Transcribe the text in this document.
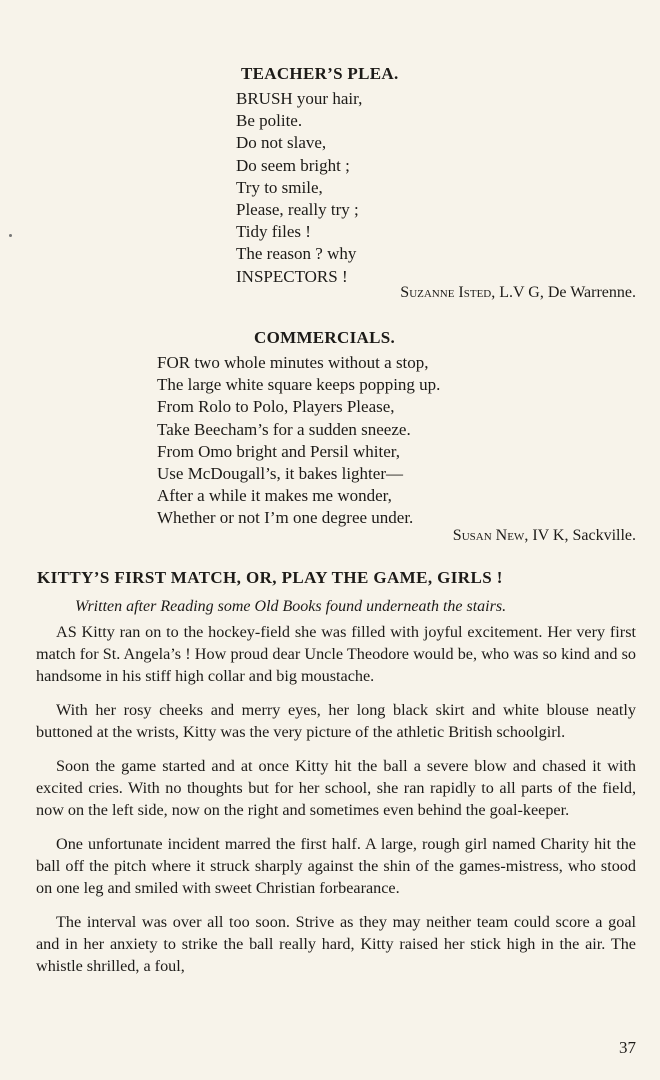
TEACHER’S PLEA.
BRUSH your hair,
Be polite.
Do not slave,
Do seem bright ;
Try to smile,
Please, really try ;
Tidy files !
The reason ? why
INSPECTORS !
Suzanne Isted, L.V G, De Warrenne.
COMMERCIALS.
FOR two whole minutes without a stop,
The large white square keeps popping up.
From Rolo to Polo, Players Please,
Take Beecham’s for a sudden sneeze.
From Omo bright and Persil whiter,
Use McDougall’s, it bakes lighter—
After a while it makes me wonder,
Whether or not I’m one degree under.
Susan New, IV K, Sackville.
KITTY’S FIRST MATCH, OR, PLAY THE GAME, GIRLS !
Written after Reading some Old Books found underneath the stairs.

AS Kitty ran on to the hockey-field she was filled with joyful excitement. Her very first match for St. Angela’s ! How proud dear Uncle Theodore would be, who was so kind and so handsome in his stiff high collar and big moustache.

With her rosy cheeks and merry eyes, her long black skirt and white blouse neatly buttoned at the wrists, Kitty was the very picture of the athletic British schoolgirl.

Soon the game started and at once Kitty hit the ball a severe blow and chased it with excited cries. With no thoughts but for her school, she ran rapidly to all parts of the field, now on the left side, now on the right and sometimes even behind the goal-keeper.

One unfortunate incident marred the first half. A large, rough girl named Charity hit the ball off the pitch where it struck sharply against the shin of the games-mistress, who stood on one leg and smiled with sweet Christian forbearance.

The interval was over all too soon. Strive as they may neither team could score a goal and in her anxiety to strike the ball really hard, Kitty raised her stick high in the air. The whistle shrilled, a foul,

37
